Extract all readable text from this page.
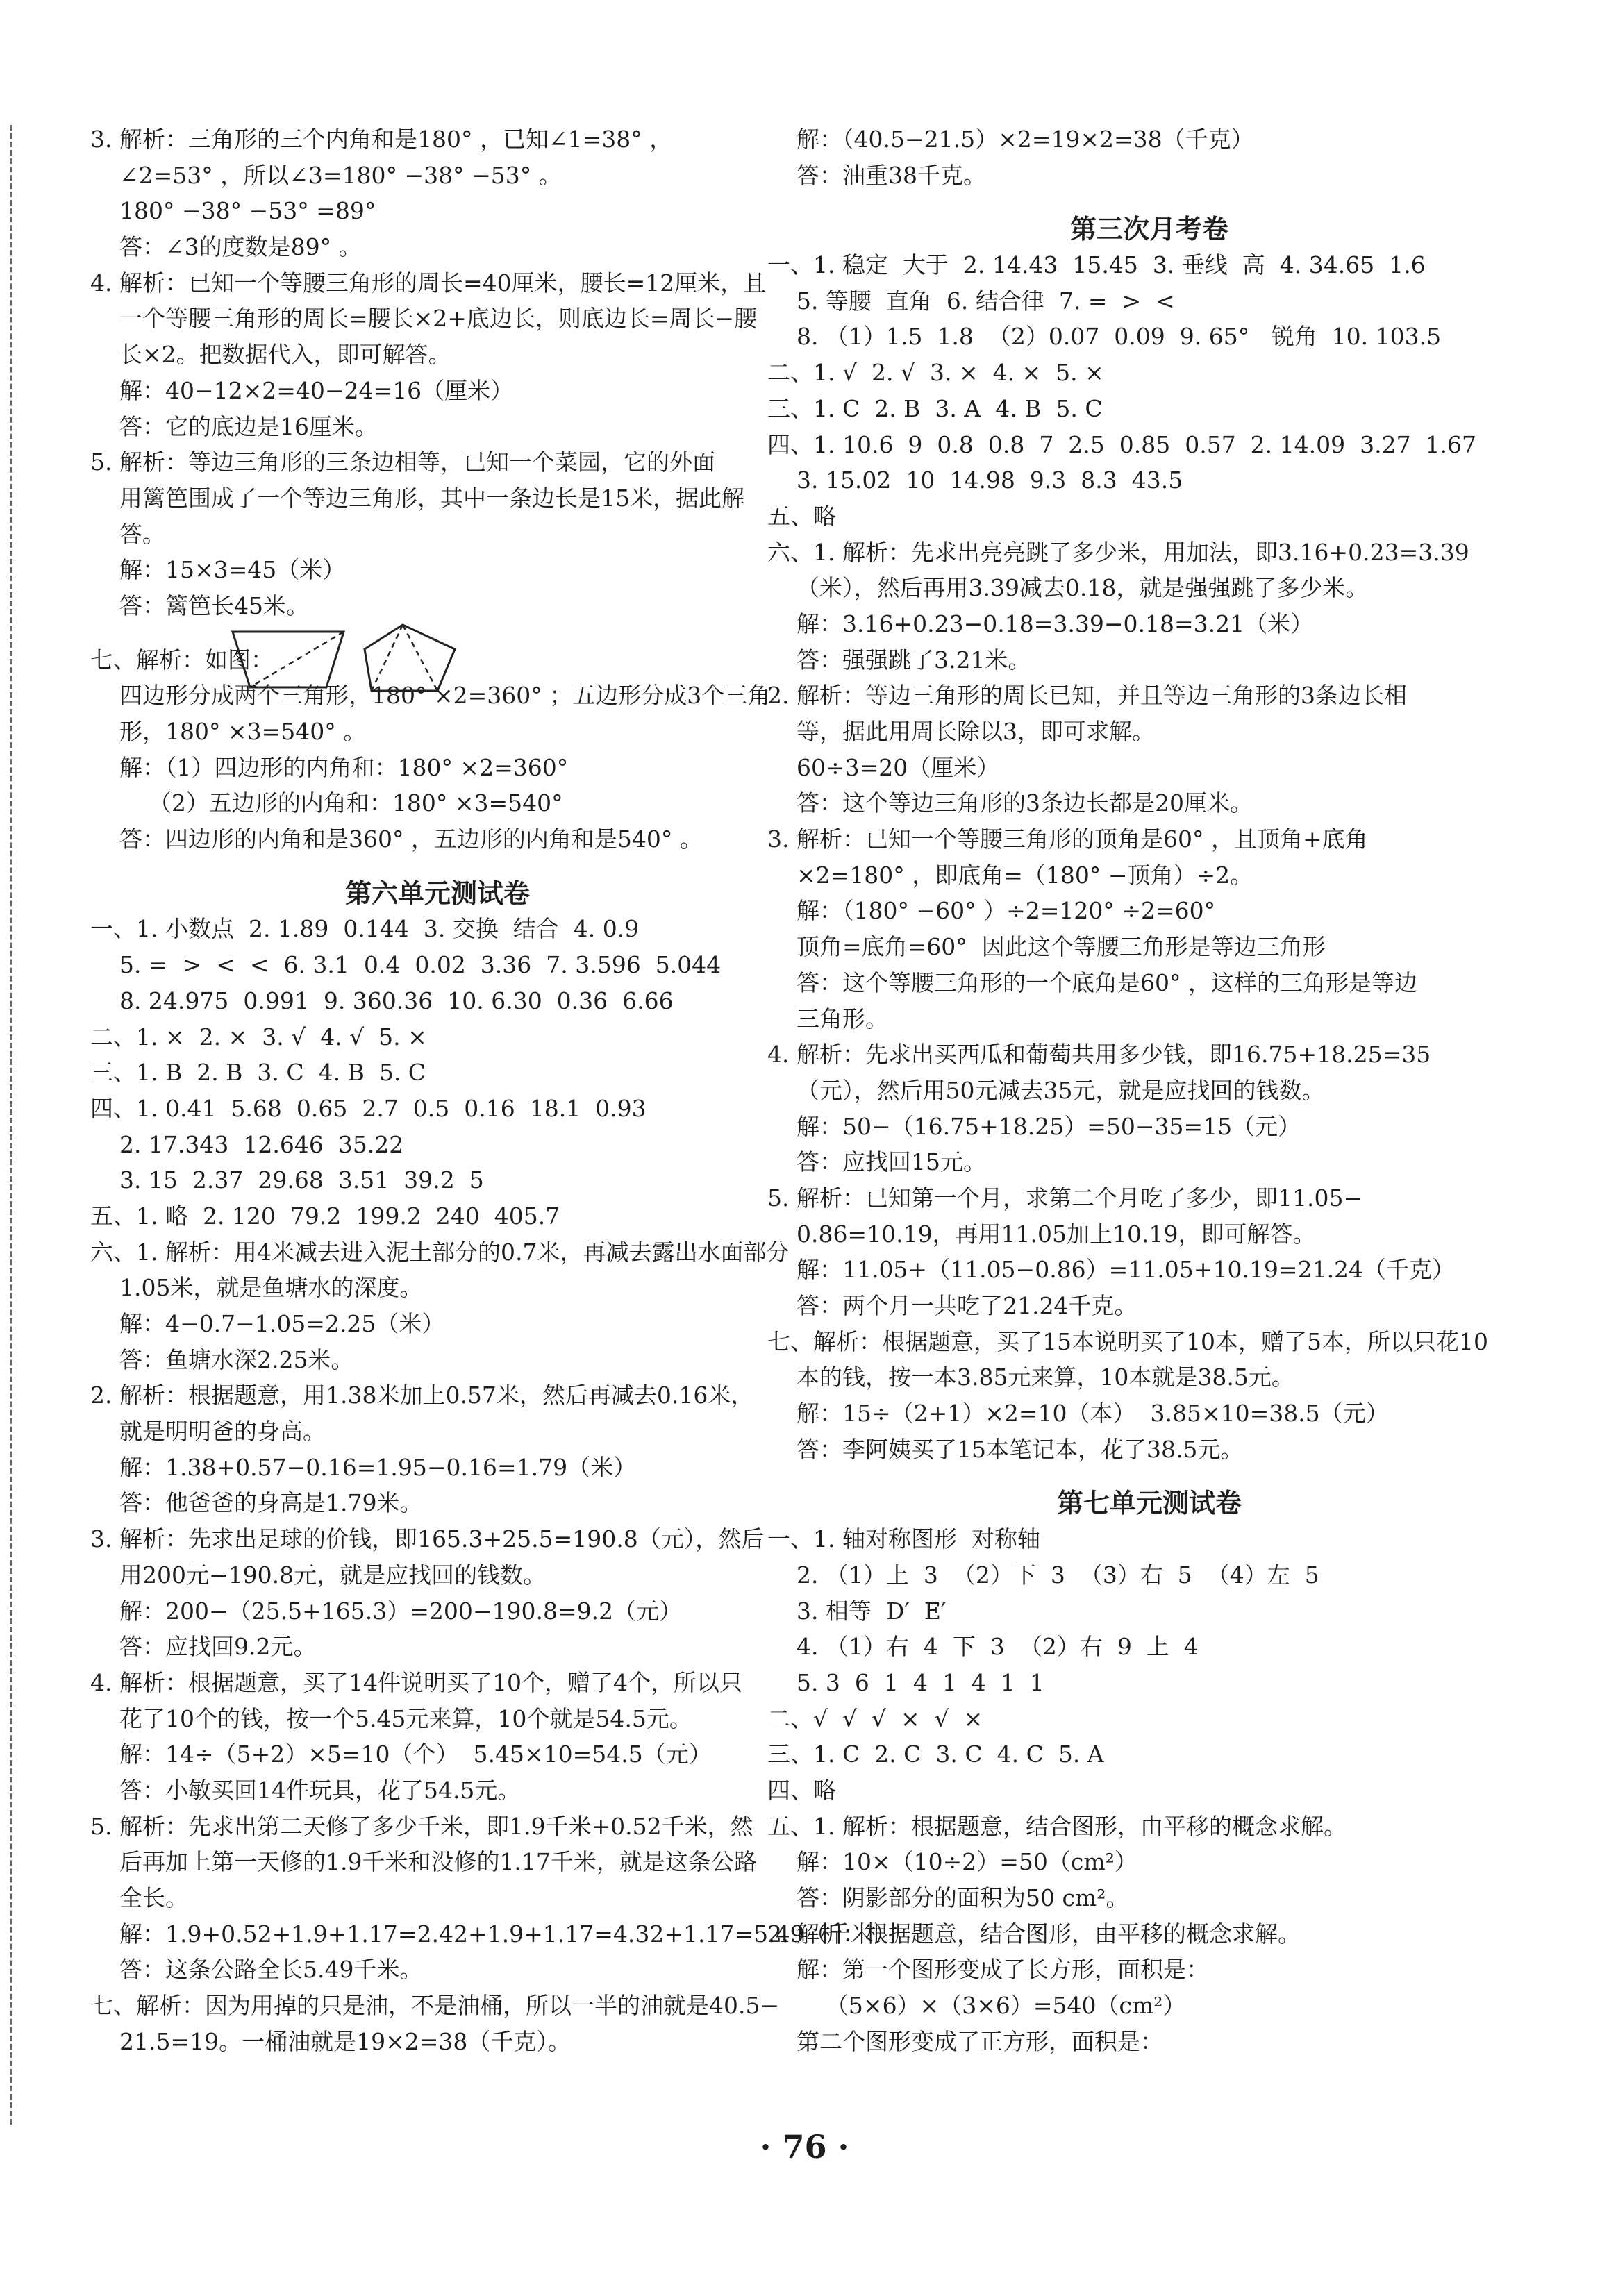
3. 解析：三角形的三个内角和是180° ，已知∠1=38° ，
∠2=53° ，所以∠3=180° −38° −53° 。
180° −38° −53° =89°
答：∠3的度数是89° 。
4. 解析：已知一个等腰三角形的周长=40厘米，腰长=12厘米，且
一个等腰三角形的周长=腰长×2+底边长，则底边长=周长−腰
长×2。把数据代入，即可解答。
解：40−12×2=40−24=16（厘米）
答：它的底边是16厘米。
5. 解析：等边三角形的三条边相等，已知一个菜园，它的外面
用篱笆围成了一个等边三角形，其中一条边长是15米，据此解
答。
解：15×3=45（米）
答：篱笆长45米。
七、解析：如图：
四边形分成两个三角形，180° ×2=360° ；五边形分成3个三角
形，180° ×3=540° 。
解：（1）四边形的内角和：180° ×2=360°
（2）五边形的内角和：180° ×3=540°
答：四边形的内角和是360° ，五边形的内角和是540° 。
第六单元测试卷
一、1. 小数点  2. 1.89  0.144  3. 交换  结合  4. 0.9
5. =  >  <  <  6. 3.1  0.4  0.02  3.36  7. 3.596  5.044
8. 24.975  0.991  9. 360.36  10. 6.30  0.36  6.66
二、1. ×  2. ×  3. √  4. √  5. ×
三、1. B  2. B  3. C  4. B  5. C
四、1. 0.41  5.68  0.65  2.7  0.5  0.16  18.1  0.93
2. 17.343  12.646  35.22
3. 15  2.37  29.68  3.51  39.2  5
五、1. 略  2. 120  79.2  199.2  240  405.7
六、1. 解析：用4米减去进入泥土部分的0.7米，再减去露出水面部分
1.05米，就是鱼塘水的深度。
解：4−0.7−1.05=2.25（米）
答：鱼塘水深2.25米。
2. 解析：根据题意，用1.38米加上0.57米，然后再减去0.16米，
就是明明爸的身高。
解：1.38+0.57−0.16=1.95−0.16=1.79（米）
答：他爸爸的身高是1.79米。
3. 解析：先求出足球的价钱，即165.3+25.5=190.8（元），然后
用200元−190.8元，就是应找回的钱数。
解：200−（25.5+165.3）=200−190.8=9.2（元）
答：应找回9.2元。
4. 解析：根据题意，买了14件说明买了10个，赠了4个，所以只
花了10个的钱，按一个5.45元来算，10个就是54.5元。
解：14÷（5+2）×5=10（个）  5.45×10=54.5（元）
答：小敏买回14件玩具，花了54.5元。
5. 解析：先求出第二天修了多少千米，即1.9千米+0.52千米，然
后再加上第一天修的1.9千米和没修的1.17千米，就是这条公路
全长。
解：1.9+0.52+1.9+1.17=2.42+1.9+1.17=4.32+1.17=5.49（千米）
答：这条公路全长5.49千米。
七、解析：因为用掉的只是油，不是油桶，所以一半的油就是40.5−
21.5=19。一桶油就是19×2=38（千克）。
解：（40.5−21.5）×2=19×2=38（千克）
答：油重38千克。
第三次月考卷
一、1. 稳定  大于  2. 14.43  15.45  3. 垂线  高  4. 34.65  1.6
5. 等腰  直角  6. 结合律  7. =  >  <
8. （1）1.5  1.8  （2）0.07  0.09  9. 65°   锐角  10. 103.5
二、1. √  2. √  3. ×  4. ×  5. ×
三、1. C  2. B  3. A  4. B  5. C
四、1. 10.6  9  0.8  0.8  7  2.5  0.85  0.57  2. 14.09  3.27  1.67
3. 15.02  10  14.98  9.3  8.3  43.5
五、略
六、1. 解析：先求出亮亮跳了多少米，用加法，即3.16+0.23=3.39
（米），然后再用3.39减去0.18，就是强强跳了多少米。
解：3.16+0.23−0.18=3.39−0.18=3.21（米）
答：强强跳了3.21米。
2. 解析：等边三角形的周长已知，并且等边三角形的3条边长相
等，据此用周长除以3，即可求解。
60÷3=20（厘米）
答：这个等边三角形的3条边长都是20厘米。
3. 解析：已知一个等腰三角形的顶角是60° ，且顶角+底角
×2=180° ，即底角=（180° −顶角）÷2。
解：（180° −60° ）÷2=120° ÷2=60°
顶角=底角=60°  因此这个等腰三角形是等边三角形
答：这个等腰三角形的一个底角是60° ，这样的三角形是等边
三角形。
4. 解析：先求出买西瓜和葡萄共用多少钱，即16.75+18.25=35
（元），然后用50元减去35元，就是应找回的钱数。
解：50−（16.75+18.25）=50−35=15（元）
答：应找回15元。
5. 解析：已知第一个月，求第二个月吃了多少，即11.05−
0.86=10.19，再用11.05加上10.19，即可解答。
解：11.05+（11.05−0.86）=11.05+10.19=21.24（千克）
答：两个月一共吃了21.24千克。
七、解析：根据题意，买了15本说明买了10本，赠了5本，所以只花10
本的钱，按一本3.85元来算，10本就是38.5元。
解：15÷（2+1）×2=10（本）  3.85×10=38.5（元）
答：李阿姨买了15本笔记本，花了38.5元。
第七单元测试卷
一、1. 轴对称图形  对称轴
2. （1）上  3  （2）下  3  （3）右  5  （4）左  5
3. 相等  D′  E′
4. （1）右  4  下  3  （2）右  9  上  4
5. 3  6  1  4  1  4  1  1
二、√  √  √  ×  √  ×
三、1. C  2. C  3. C  4. C  5. A
四、略
五、1. 解析：根据题意，结合图形，由平移的概念求解。
解：10×（10÷2）=50（cm²）
答：阴影部分的面积为50 cm²。
2. 解析：根据题意，结合图形，由平移的概念求解。
解：第一个图形变成了长方形，面积是：
（5×6）×（3×6）=540（cm²）
第二个图形变成了正方形，面积是：
· 76 ·
